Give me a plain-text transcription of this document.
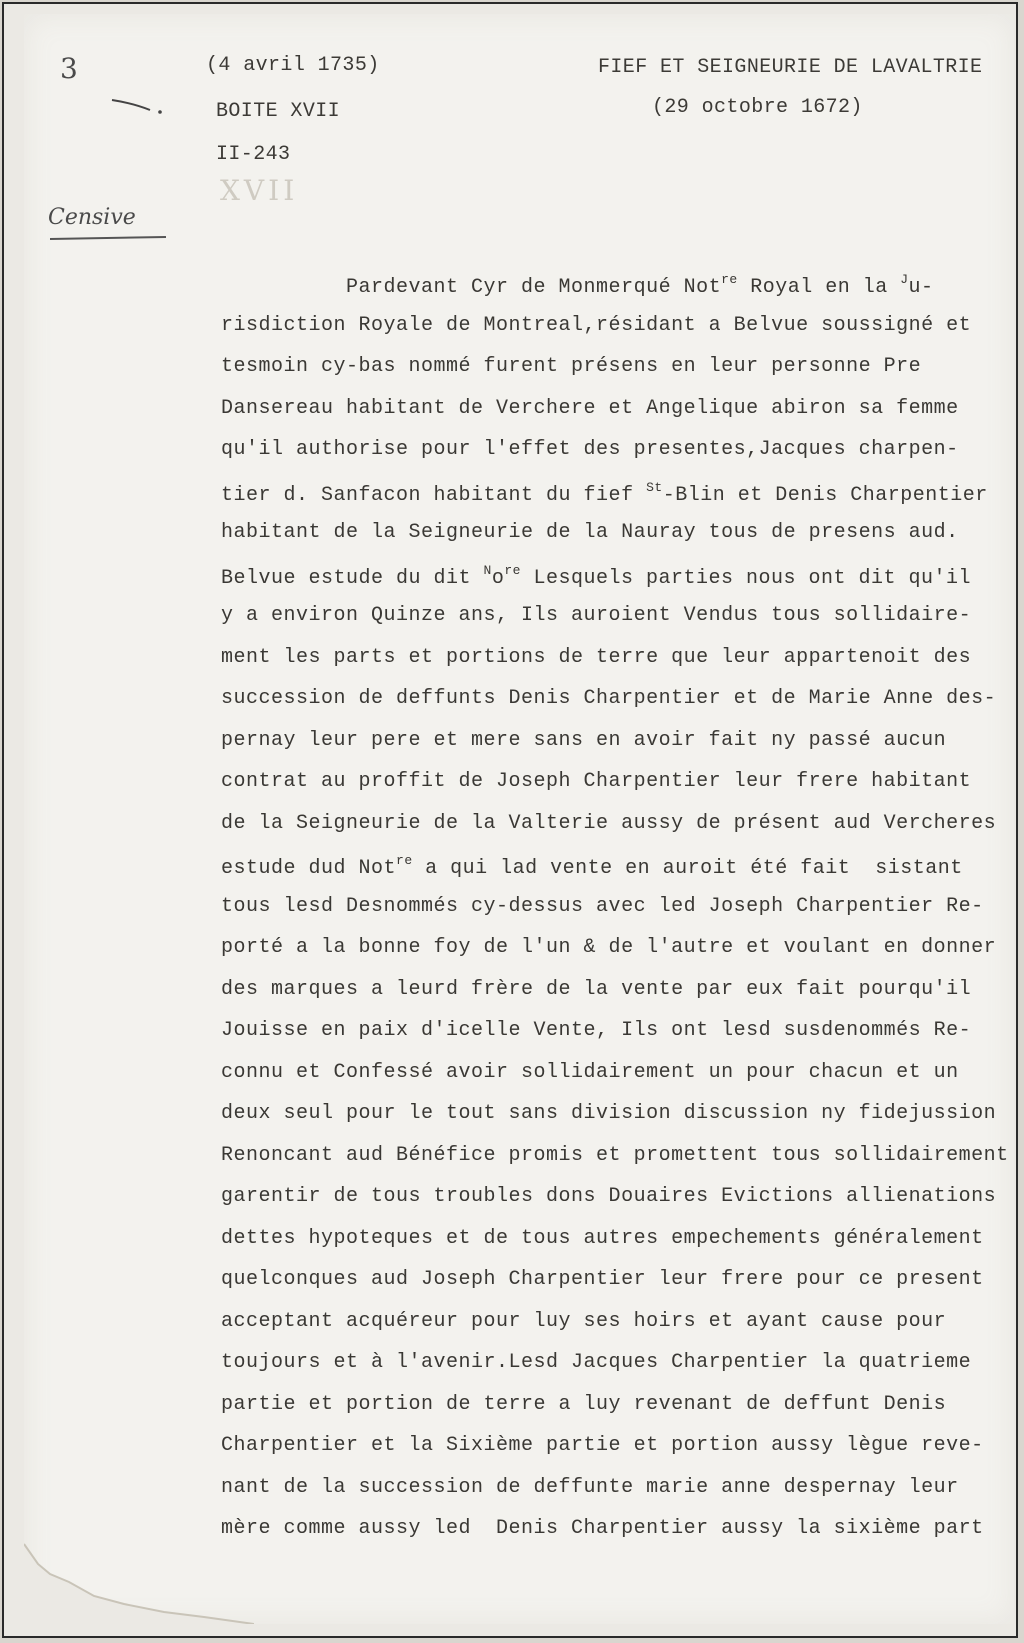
3	(4 avril 1735)
BOITE XVII
II-243
XVII
FIEF ET SEIGNEURIE DE LAVALTRIE
(29 octobre 1672)
Censive
Pardevant Cyr de Monmerqué Not$^{re}$ Royal en la $^J$u-
risdiction Royale de Montreal,résidant a Belvue soussigné et
tesmoin cy-bas nommé furent présens en leur personne Pre
Dansereau habitant de Verchere et Angelique abiron sa femme
qu'il authorise pour l'effet des presentes,Jacques charpen-
tier d. Sanfacon habitant du fief $^{St}$-Blin et Denis Charpentier
habitant de la Seigneurie de la Nauray tous de presens aud.
Belvue estude du dit $^No^{re}$ Lesquels parties nous ont dit qu'il
y a environ Quinze ans, Ils auroient Vendus tous sollidaire-
ment les parts et portions de terre que leur appartenoit des
succession de deffunts Denis Charpentier et de Marie Anne des-
pernay leur pere et mere sans en avoir fait ny passé aucun
contrat au proffit de Joseph Charpentier leur frere habitant
de la Seigneurie de la Valterie aussy de présent aud Vercheres
estude dud Not$^{re}$ a qui lad vente en auroit été fait  sistant
tous lesd Desnommés cy-dessus avec led Joseph Charpentier Re-
porté a la bonne foy de l'un & de l'autre et voulant en donner
des marques a leurd frère de la vente par eux fait pourqu'il
Jouisse en paix d'icelle Vente, Ils ont lesd susdenommés Re-
connu et Confessé avoir sollidairement un pour chacun et un
deux seul pour le tout sans division discussion ny fidejussion
Renoncant aud Bénéfice promis et promettent tous sollidairement
garentir de tous troubles dons Douaires Evictions allienations
dettes hypoteques et de tous autres empechements généralement
quelconques aud Joseph Charpentier leur frere pour ce present
acceptant acquéreur pour luy ses hoirs et ayant cause pour
toujours et à l'avenir.Lesd Jacques Charpentier la quatrieme
partie et portion de terre a luy revenant de deffunt Denis
Charpentier et la Sixième partie et portion aussy lègue reve-
nant de la succession de deffunte marie anne despernay leur
mère comme aussy led  Denis Charpentier aussy la sixième part
